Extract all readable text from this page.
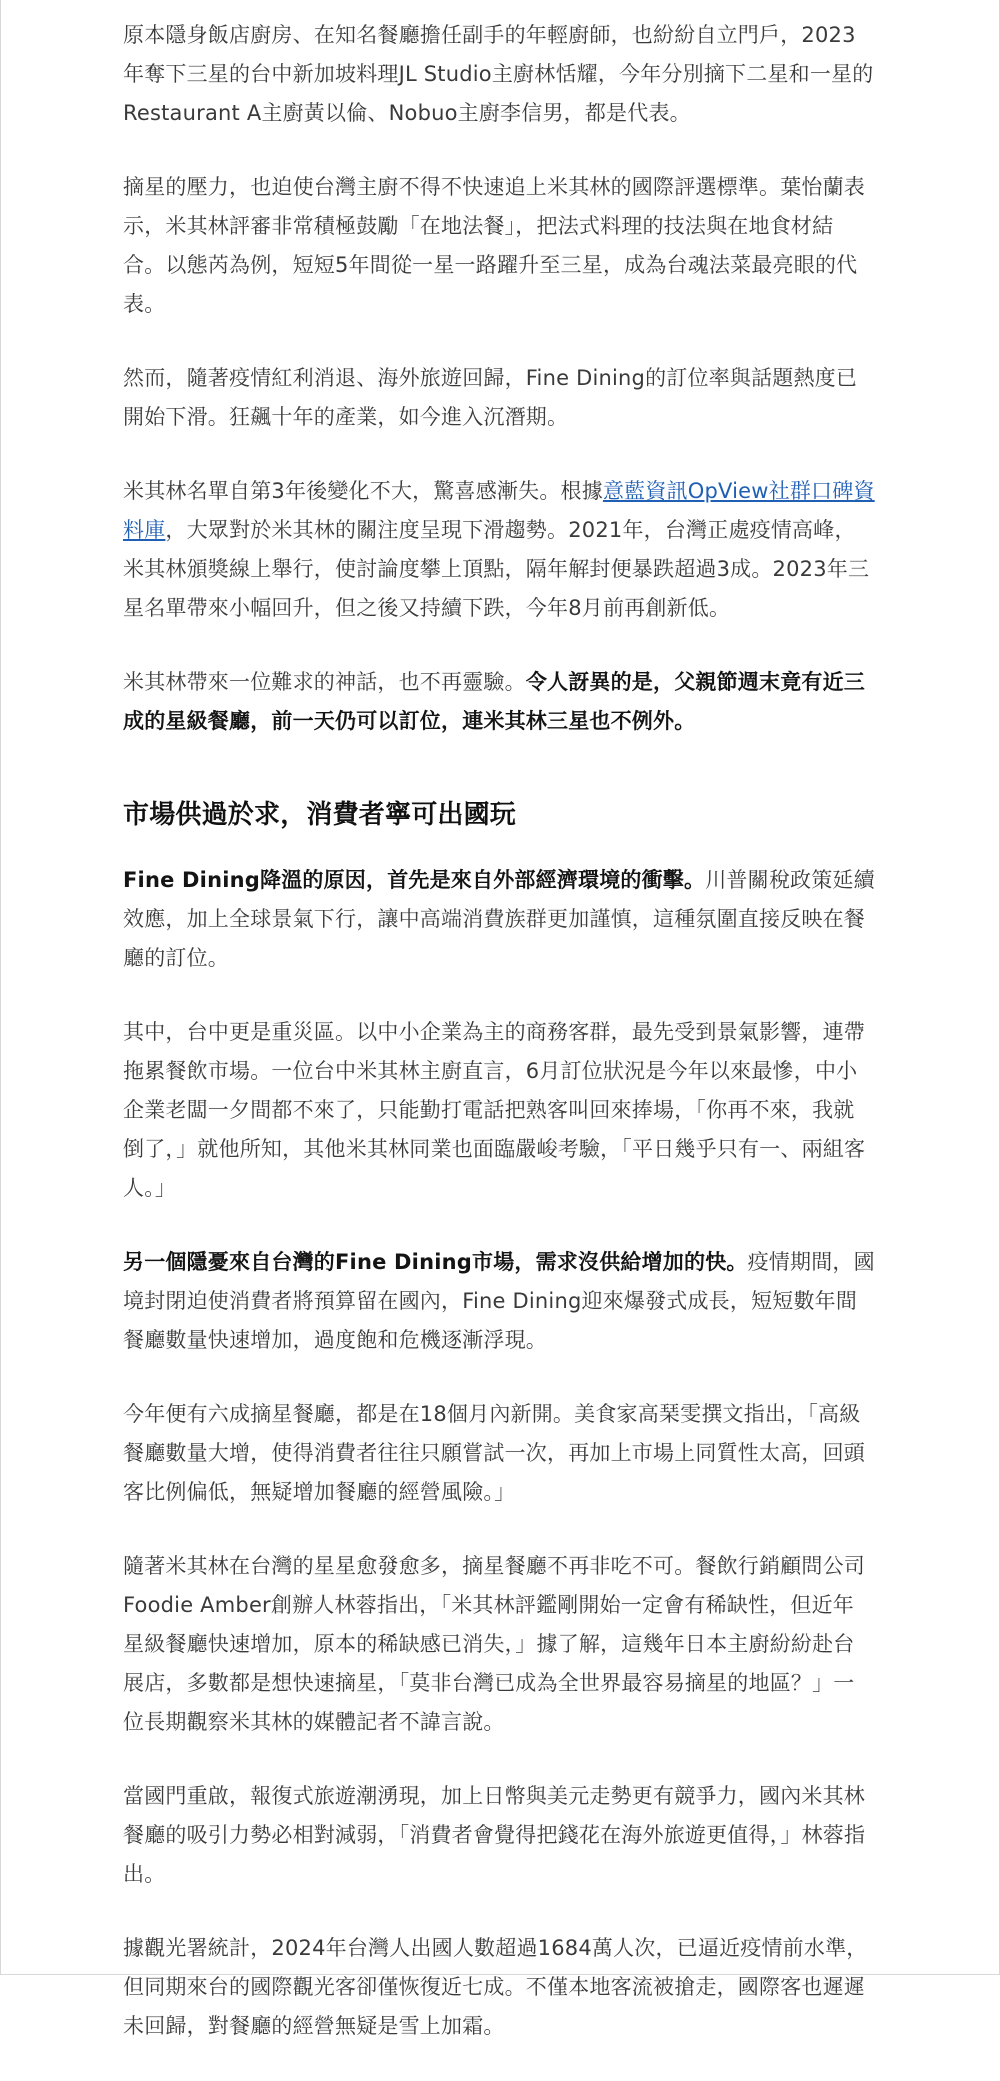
原本隱身飯店廚房、在知名餐廳擔任副手的年輕廚師，也紛紛自立門戶，2023年奪下三星的台中新加坡料理JL Studio主廚林恬耀，今年分別摘下二星和一星的Restaurant A主廚黃以倫、Nobuo主廚李信男，都是代表。

摘星的壓力，也迫使台灣主廚不得不快速追上米其林的國際評選標準。葉怡蘭表示，米其林評審非常積極鼓勵「在地法餐」，把法式料理的技法與在地食材結合。以態芮為例，短短5年間從一星一路躍升至三星，成為台魂法菜最亮眼的代表。

然而，隨著疫情紅利消退、海外旅遊回歸，Fine Dining的訂位率與話題熱度已開始下滑。狂飆十年的產業，如今進入沉潛期。

米其林名單自第3年後變化不大，驚喜感漸失。根據意藍資訊OpView社群口碑資料庫，大眾對於米其林的關注度呈現下滑趨勢。2021年，台灣正處疫情高峰，米其林頒獎線上舉行，使討論度攀上頂點，隔年解封便暴跌超過3成。2023年三星名單帶來小幅回升，但之後又持續下跌，今年8月前再創新低。

米其林帶來一位難求的神話，也不再靈驗。令人訝異的是，父親節週末竟有近三成的星級餐廳，前一天仍可以訂位，連米其林三星也不例外。

市場供過於求，消費者寧可出國玩

Fine Dining降溫的原因，首先是來自外部經濟環境的衝擊。川普關稅政策延續效應，加上全球景氣下行，讓中高端消費族群更加謹慎，這種氛圍直接反映在餐廳的訂位。

其中，台中更是重災區。以中小企業為主的商務客群，最先受到景氣影響，連帶拖累餐飲市場。一位台中米其林主廚直言，6月訂位狀況是今年以來最慘，中小企業老闆一夕間都不來了，只能勤打電話把熟客叫回來捧場，「你再不來，我就倒了，」就他所知，其他米其林同業也面臨嚴峻考驗，「平日幾乎只有一、兩組客人。」

另一個隱憂來自台灣的Fine Dining市場，需求沒供給增加的快。疫情期間，國境封閉迫使消費者將預算留在國內，Fine Dining迎來爆發式成長，短短數年間餐廳數量快速增加，過度飽和危機逐漸浮現。

今年便有六成摘星餐廳，都是在18個月內新開。美食家高琹雯撰文指出，「高級餐廳數量大增，使得消費者往往只願嘗試一次，再加上市場上同質性太高，回頭客比例偏低，無疑增加餐廳的經營風險。」

隨著米其林在台灣的星星愈發愈多，摘星餐廳不再非吃不可。餐飲行銷顧問公司Foodie Amber創辦人林蓉指出，「米其林評鑑剛開始一定會有稀缺性，但近年星級餐廳快速增加，原本的稀缺感已消失，」據了解，這幾年日本主廚紛紛赴台展店，多數都是想快速摘星，「莫非台灣已成為全世界最容易摘星的地區？」一位長期觀察米其林的媒體記者不諱言說。

當國門重啟，報復式旅遊潮湧現，加上日幣與美元走勢更有競爭力，國內米其林餐廳的吸引力勢必相對減弱，「消費者會覺得把錢花在海外旅遊更值得，」林蓉指出。

據觀光署統計，2024年台灣人出國人數超過1684萬人次，已逼近疫情前水準，但同期來台的國際觀光客卻僅恢復近七成。不僅本地客流被搶走，國際客也遲遲未回歸，對餐廳的經營無疑是雪上加霜。
